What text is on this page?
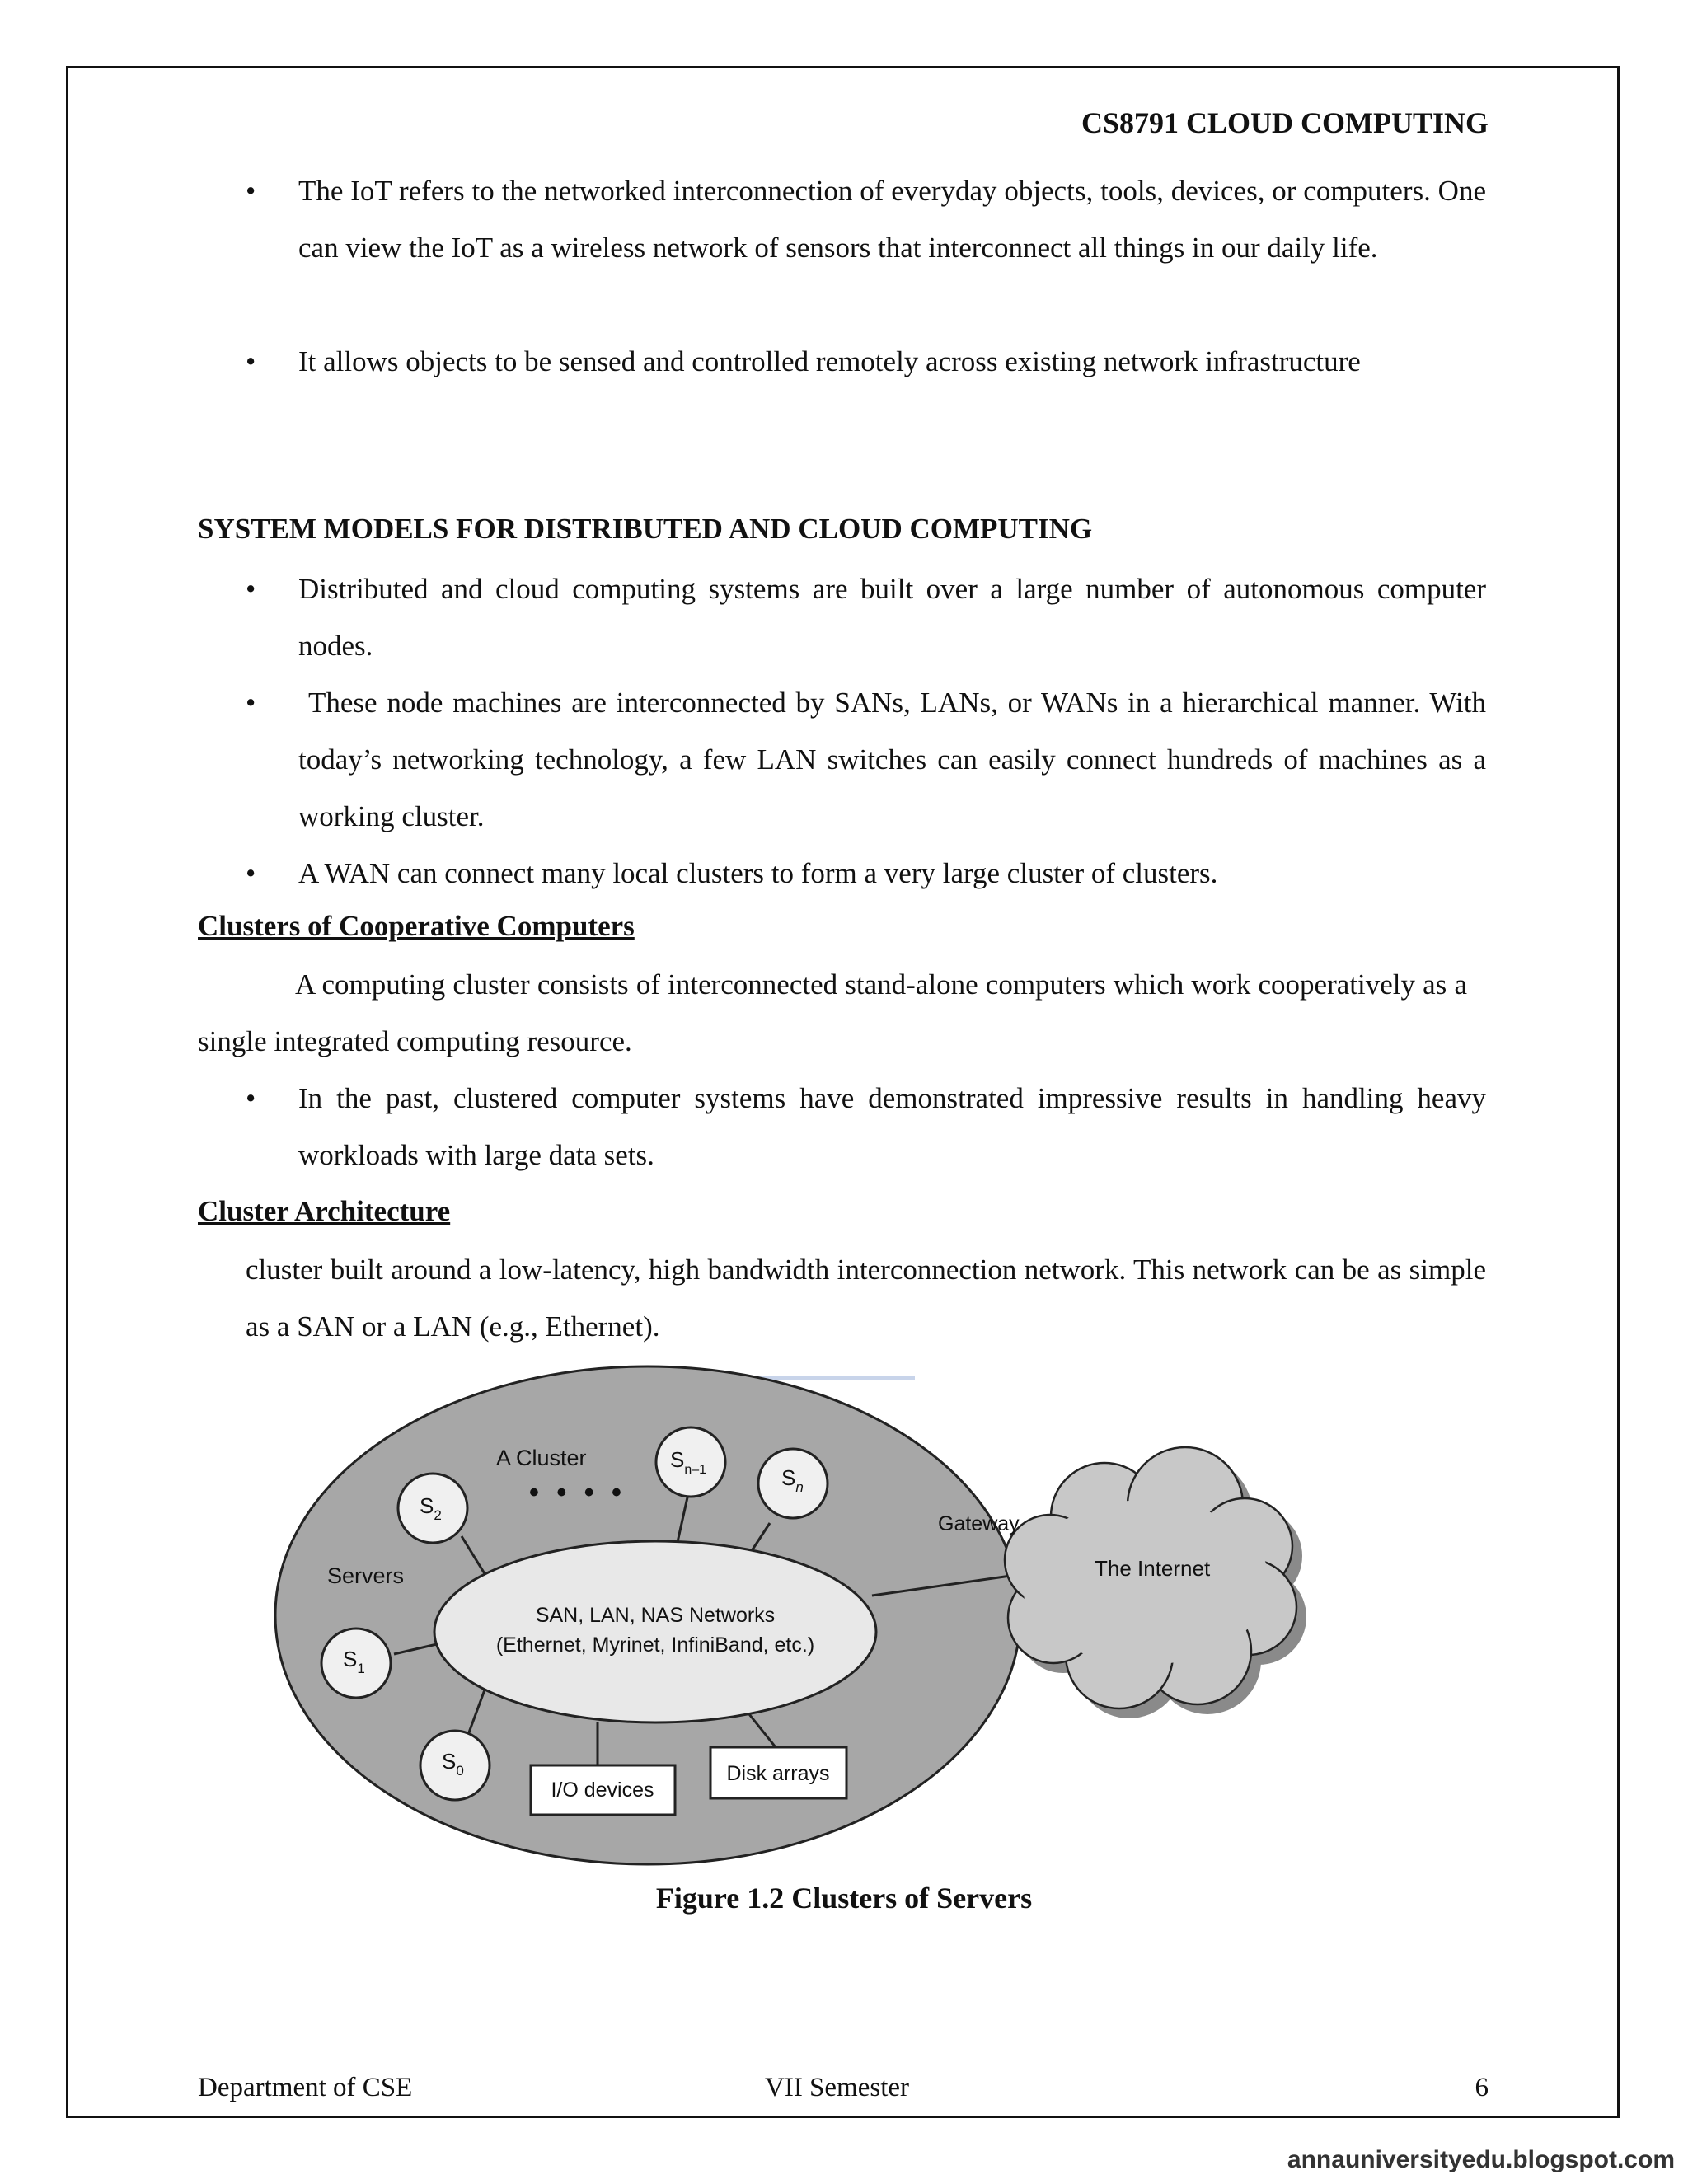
CS8791 CLOUD COMPUTING
•	The IoT refers to the networked interconnection of everyday objects, tools, devices, or computers. One can view the IoT as a wireless network of sensors that interconnect all things in our daily life.
•	It allows objects to be sensed and controlled remotely across existing network infrastructure
SYSTEM MODELS FOR DISTRIBUTED AND CLOUD COMPUTING
•	Distributed and cloud computing systems are built over a large number of autonomous computer nodes.
•	These node machines are interconnected by SANs, LANs, or WANs in a hierarchical manner. With today’s networking technology, a few LAN switches can easily connect hundreds of machines as a working cluster.
•	A WAN can connect many local clusters to form a very large cluster of clusters.
Clusters of Cooperative Computers
A computing cluster consists of interconnected stand-alone computers which work cooperatively as a single integrated computing resource.
•	In the past, clustered computer systems have demonstrated impressive results in handling heavy workloads with large data sets.
Cluster Architecture
cluster built around a low-latency, high bandwidth interconnection network. This network can be as simple as a SAN or a LAN (e.g., Ethernet).
A Cluster
• • • •
Servers
Gateway
The Internet
SAN, LAN, NAS Networks
(Ethernet, Myrinet, InfiniBand, etc.)
$S_2$
$S_{n-1}$	$S_n$
$S_1$
$S_0$
I/O devices
Disk arrays
Figure 1.2 Clusters of Servers
Department of CSE	VII Semester	6
annauniversityedu.blogspot.com
